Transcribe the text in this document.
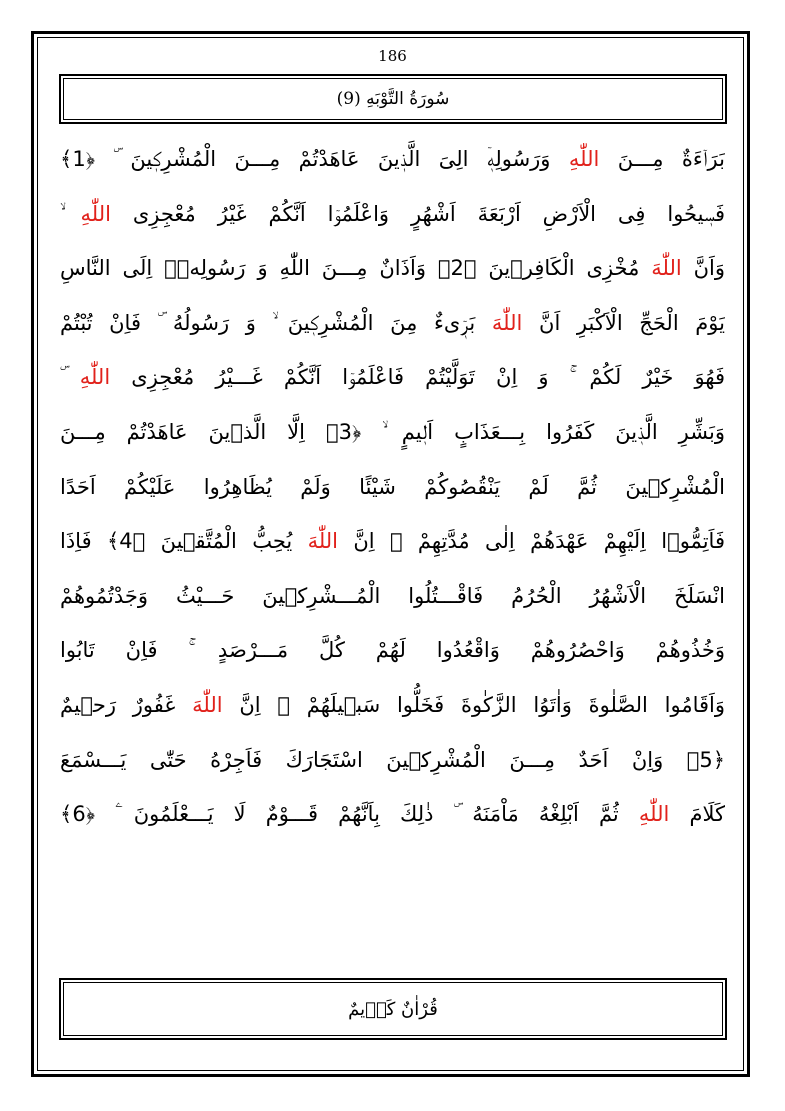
186
سُورَةُ التَّوْبَهِ (9)
بَرَاۤءَةٌ مِـــنَ اللّٰهِ وَرَسُولِهٖۤ الِىَ الَّذٖينَ عَاهَدْتُمْ مِـــنَ الْمُشْرِكٖينَ ۜ ﴿1﴾
فَسٖيحُوا فِى الْاَرْضِ اَرْبَعَةَ اَشْهُرٍ وَاعْلَمُوۤا اَنَّكُمْ غَيْرُ مُعْجِزِى اللّٰهِ
وَاَنَّ اللّٰهَ مُخْزِى الْكَافِرٖينَ ﴿2﴾ وَاَذَانٌ مِـــنَ اللّٰهِ وَ رَسُولِهٖۤ اِلَى النَّاسِ
يَوْمَ الْحَجِّ الْاَكْبَرِ اَنَّ اللّٰهَ بَرٖۤیءٌ مِنَ الْمُشْرِكٖينَ ۙ وَ رَسُولُهُ ۜ فَاِنْ تُبْتُمْ
فَهُوَ خَيْرٌ لَكُمْ ۚ وَ اِنْ تَوَلَّيْتُمْ فَاعْلَمُوۤا اَنَّكُمْ غَـــيْرُ مُعْجِزِى اللّٰهِ
وَبَشِّرِ الَّذٖينَ كَفَرُوا بِـــعَذَابٍ اَلٖيمٍ ۙ ﴿3﴾ اِلَّا الَّذٖينَ عَاهَدْتُمْ مِـــنَ
الْمُشْرِكٖينَ ثُمَّ لَمْ يَنْقُصُوكُمْ شَيْئًا وَلَمْ يُظَاهِرُوا عَلَيْكُمْ اَحَدًا
فَاَتِمُّوۤا اِلَيْهِمْ عَهْدَهُمْ اِلٰى مُدَّتِهِمْ ۜ اِنَّ اللّٰهَ يُحِبُّ الْمُتَّقٖينَ ﴿4﴾ فَاِذَا
انْسَلَخَ الْاَشْهُرُ الْحُرُمُ فَاقْـــتُلُوا الْمُـــشْرِكٖينَ حَـــيْثُ وَجَدْتُمُوهُمْ
وَخُذُوهُمْ وَاحْصُرُوهُمْ وَاقْعُدُوا لَهُمْ كُلَّ مَـــرْصَدٍ ۚ فَاِنْ تَابُوا
وَاَقَامُوا الصَّلٰوةَ وَاٰتَوُا الزَّكٰوةَ فَخَلُّوا سَبٖيلَهُمْ ۜ اِنَّ اللّٰهَ غَفُورٌ رَحٖيمٌ
﴿5﴾ وَاِنْ اَحَدٌ مِـــنَ الْمُشْرِكٖينَ اسْتَجَارَكَ فَاَجِرْهُ حَتّٰى يَـــسْمَعَ
كَلَامَ اللّٰهِ ثُمَّ اَبْلِغْهُ مَاْمَنَهُ ۜ ذٰلِكَ بِاَنَّهُمْ قَـــوْمٌ لَا يَـــعْلَمُونَ ۧ ﴿6﴾
قُرْاٰنٌ كَرٖيمٌ
